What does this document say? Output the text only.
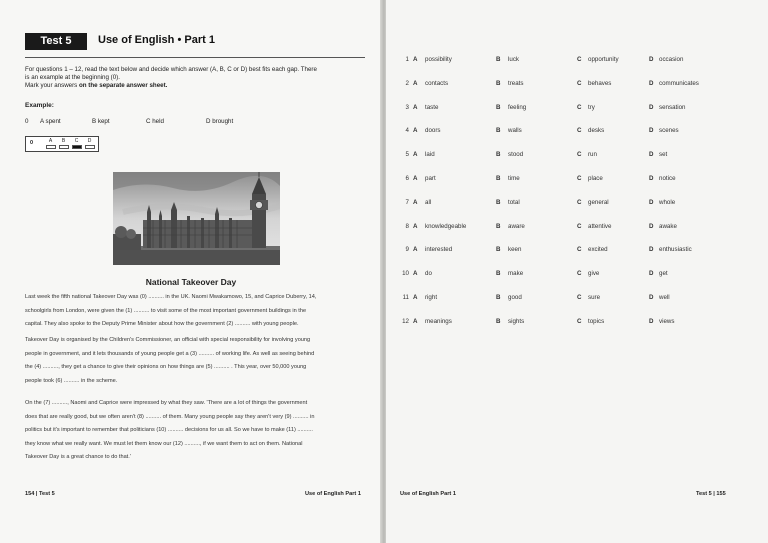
Test 5	Use of English • Part 1
For questions 1 – 12, read the text below and decide which answer (A, B, C or D) best fits each gap. There
is an example at the beginning (0).
Mark your answers on the separate answer sheet.
Example:
0 A spent	B kept	C held	D brought
0	A	B	C	D
National Takeover Day
Last week the fifth national Takeover Day was (0) .......... in the UK. Naomi Mwakamowo, 15, and Caprice Duberry, 14,
schoolgirls from London, were given the (1) .......... to visit some of the most important government buildings in the
capital. They also spoke to the Deputy Prime Minister about how the government (2) .......... with young people.
Takeover Day is organised by the Children's Commissioner, an official with special responsibility for involving young
people in government, and it lets thousands of young people get a (3) .......... of working life. As well as seeing behind
the (4) .........., they get a chance to give their opinions on how things are (5) .......... . This year, over 50,000 young
people took (6) .......... in the scheme.
On the (7) .........., Naomi and Caprice were impressed by what they saw. 'There are a lot of things the government
does that are really good, but we often aren't (8) .......... of them. Many young people say they aren't very (9) .......... in
politics but it's important to remember that politicians (10) .......... decisions for us all. So we have to make (11) ..........
they know what we really want. We must let them know our (12) .........., if we want them to act on them. National
Takeover Day is a great chance to do that.'
154 | Test 5	Use of English Part 1
1 A possibility	B luck	C opportunity	D occasion
2 A contacts	B treats	C behaves	D communicates
3 A taste	B feeling	C try	D sensation
4 A doors	B walls	C desks	D scenes
5 A laid	B stood	C run	D set
6 A part	B time	C place	D notice
7 A all	B total	C general	D whole
8 A knowledgeable	B aware	C attentive	D awake
9 A interested	B keen	C excited	D enthusiastic
10 A do	B make	C give	D get
11 A right	B good	C sure	D well
12 A meanings	B sights	C topics	D views
Use of English Part 1	Test 5 | 155
